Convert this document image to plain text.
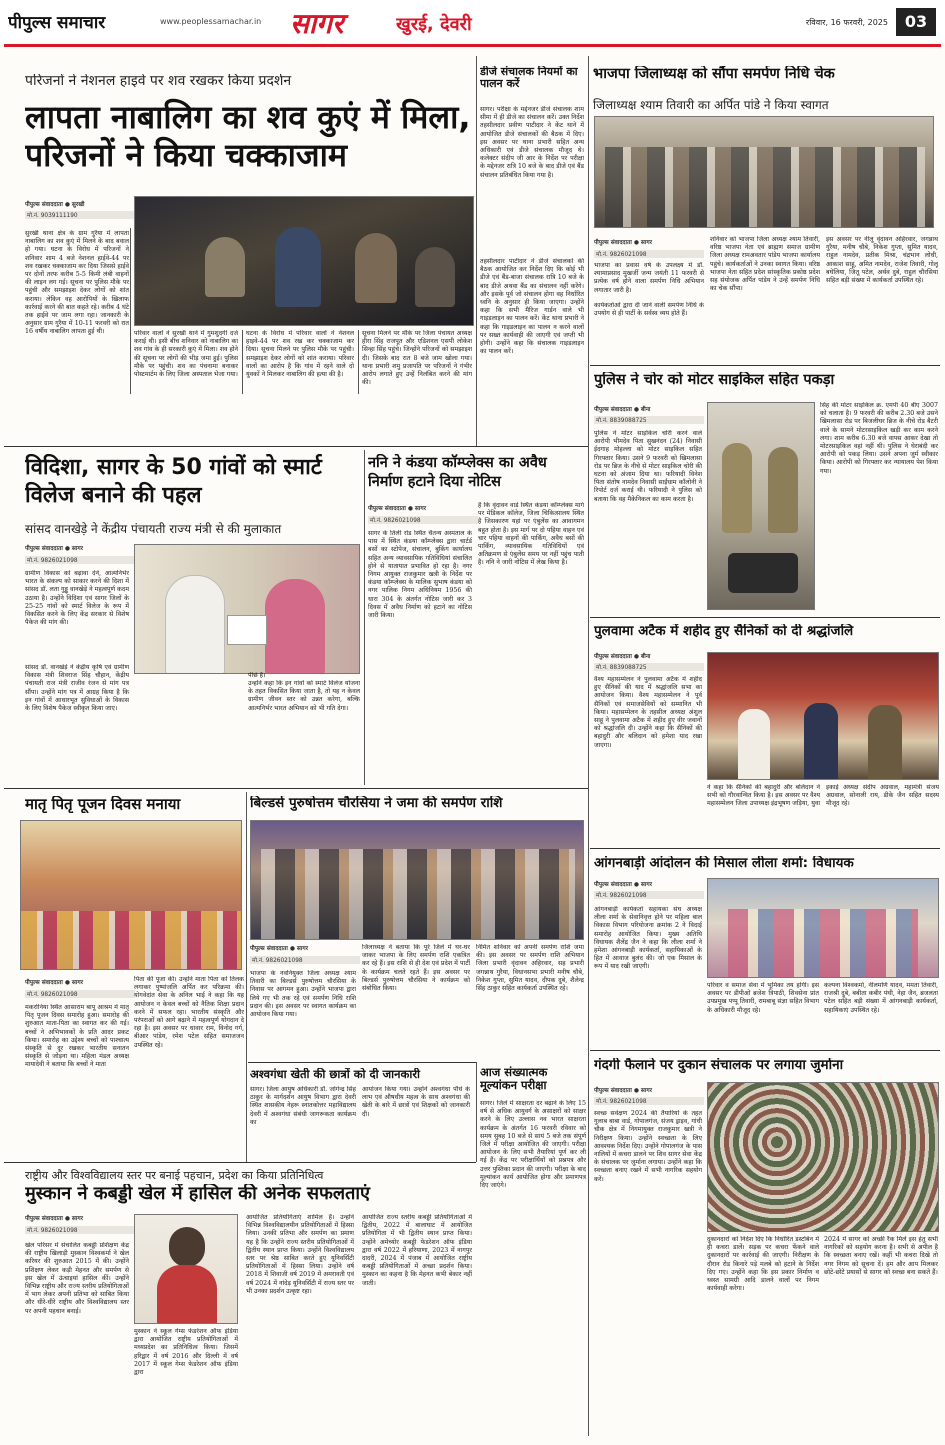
पीपुल्स समाचार	www.peoplessamachar.in	सागर	खुरई, देवरी	रविवार, 16 फरवरी, 2025	03
परिजनों ने नेशनल हाइवे पर शव रखकर किया प्रदर्शन
लापता नाबालिग का शव कुएं में मिला, परिजनों ने किया चक्काजाम
पीपुल्स संवाददाता ● सुरखी
मो.नं. 9039111190
सुरखी थाना क्षेत्र के ग्राम गुरैया में लापता नाबालिग का शव कुएं में मिलने के बाद बवाल हो गया। घटना के विरोध में परिजनों ने शनिवार शाम 4 बजे नेशनल हाईवे-44 पर शव रखकर चक्काजाम कर दिया जिससे हाईवे पर दोनों तरफ करीब 5-5 किमी लंबी वाहनों की लाइन लग गई। सूचना पर पुलिस मौके पर पहुंची और समझाइश देकर लोगों को शांत कराया। लेकिन वह आरोपियों के खिलाफ कार्रवाई करने की बात कहते रहे। करीब 4 घंटे तक हाईवे पर जाम लगा रहा। जानकारी के अनुसार ग्राम गुरैया में 10-11 फरवरी को रात 16 वर्षीय नाबालिग लापता हुई थी।	परिवार वालों ने सुरखी थाने में गुमशुदगी दर्ज कराई थी। इसी बीच शनिवार को नाबालिग का शव गांव के ही सरकारी कुएं में मिला। शव होने की सूचना पर लोगों की भीड़ जमा हुई। पुलिस मौके पर पहुंची। शव का पंचनामा बनाकर पोस्टमार्टम के लिए जिला अस्पताल भेजा गया।
घटना के विरोध में परिवार वालों ने नेशनल हाइवे-44 पर शव रख कर चक्काजाम कर दिया। सूचना मिलने पर पुलिस मौके पर पहुंची। समझाइश देकर लोगों को शांत कराया। परिवार वालों का आरोप है कि गांव में रहने वाले दो युवकों ने मिलकर नाबालिग की हत्या की है।
सूचना मिलने पर मौके पर जिला पंचायत अध्यक्ष हीरा सिंह राजपूत और एडिशनल एसपी लोकेश सिन्हा सिंह पहुंचे। जिन्होंने परिजनों को समझाइश दी। जिसके बाद रात 8 बजे जाम खोला गया। थाना प्रभारी शमु प्रजापति पर परिजनों ने गंभीर आरोप लगाते हुए उन्हें निलंबित करने की मांग की।
डीजे संचालक नियमों का पालन करें
सागर। परीक्षा के मद्देनजर डीजे संचालक शाम सीमा में ही डीजे का संचालन करें। उक्त निर्देश तहसीलदार प्रवीण पाटीदार ने केंट थाने में आयोजित डीजे संचालकों की बैठक में दिए। इस अवसर पर थाना प्रभारी सहित अन्य अधिकारी एवं डीजे संचालक मौजूद थे। कलेक्टर संदीप जी आर के निर्देश पर परीक्षा के मद्देनजर रात्रि 10 बजे के बाद डीजे एवं बैंड संचालन प्रतिबंधित किया गया है।
तहसीलदार पाटीदार ने डीजे संचालकों की बैठक आयोजित कर निर्देश दिए कि कोई भी डीजे एवं बैंड-बाजा संचालक रात्रि 10 बजे के बाद डीजे अथवा बैंड का संचालन नहीं करेंगे। और इसके पूर्व जो संचालन होगा वह निर्धारित ध्वनि के अनुसार ही किया जाएगा। उन्होंने कहा कि सभी मैरिज गार्डन वाले भी गाइडलाइन का पालन करें। केंट थाना प्रभारी ने कहा कि गाइडलाइन का पालन न करने वालों पर सख्त कार्यवाही की जाएगी एवं जप्ती भी होगी। उन्होंने कहा कि संचालक गाइडलाइन का पालन करें।
भाजपा जिलाध्यक्ष को सौंपा समर्पण निधि चेक
जिलाध्यक्ष श्याम तिवारी का अर्पित पांडे ने किया स्वागत
पीपुल्स संवाददाता ● सागर
मो.नं. 9826021098
भाजपा का प्रवास वर्ष के उपलक्ष्य में डॉ. श्यामाप्रसाद मुखर्जी जन्म जयंती 11 फरवरी से प्रत्येक वर्ष होने वाला समर्पण निधि अभियान लगातार जारी है।
कार्यकर्ताओं द्वारा दी जाने वाली समर्पण निधि के उपयोग से ही पार्टी के सर्वस्व व्यय होते हैं।
शनिवार को भाजपा जिला अध्यक्ष श्याम तिवारी, वरिष्ठ भाजपा नेता एवं ब्राह्मण समाज ग्रामीण जिला अध्यक्ष रामअवतार पांडेय भाजपा कार्यालय पहुंचे। कार्यकर्ताओं ने उनका स्वागत किया। वरिष्ठ भाजपा नेता सहित प्रदेश सांस्कृतिक प्रकोष्ठ प्रदेश सह संयोजक अर्पित पांडेय ने उन्हें समर्पण निधि का चेक सौंपा।
इस अवसर पर नीलू वृंदावन अहिरवार, जगन्नाथ गुरैया, मनीष चौबे, निकेश गुप्ता, सुमित यादव, राहुल नामदेव, प्रतीक मिश्रा, चंद्रभान लोधी, आकाश साहू, अमित नामदेव, राजेश तिवारी, गोलू बघेलिया, जितू पटेल, अर्थव दुबे, राहुल चौरसिया सहित बड़ी संख्या में कार्यकर्ता उपस्थित रहे।
पुलिस ने चोर को मोटर साइकिल सहित पकड़ा
पीपुल्स संवाददाता ● बीना
मो.नं. 8839088725
पुलिस ने मोटर साइकिल चोरी करने वाले आरोपी भीमदेव पिता सुखनंदन (24) निवासी ईदगाह मोहल्ला को मोटर साइकिल सहित गिरफ्तार किया। उसने 9 फरवरी को खिमलासा रोड पर ब्रिज के नीचे से मोटर साइकिल चोरी की घटना को अंजाम दिया था। फरियादी विनेश पिता संतोष नामदेव निवासी साईंधाम कॉलोनी ने रिपोर्ट दर्ज कराई थी। फरियादी ने पुलिस को बताया कि वह मैकेनिकल का काम करता है।
सिंह की मोटर साइकिल क्र. एमपी 40 बीए 3007 को चलाता है। 9 फरवरी की करीब 2.30 बजे उसने खिमलासा रोड पर बिजलीघर ब्रिज के नीचे रोड बैटरी वाले के सामने मोटरसाइकिल खड़ी कर काम करने लगा। शाम करीब 6.30 बजे वापस आकर देखा तो मोटरसाइकिल वहां नहीं थी। पुलिस ने घेराबंदी कर आरोपी को पकड़ लिया। उसने अपना जुर्म स्वीकार किया। आरोपी को गिरफ्तार कर न्यायालय पेश किया गया।
पुलवामा अटैक में शहीद हुए सैनिकों को दी श्रद्धांजलि
पीपुल्स संवाददाता ● बीना
मो.नं. 8839088725
वैश्य महासम्मेलन ने पुलवामा अटैक में शहीद हुए सैनिकों की याद में श्रद्धांजलि सभा का आयोजन किया। वैश्य महासम्मेलन ने पूर्व सैनिकों एवं समाजसेवियों को सम्मानित भी किया। महासम्मेलन के तहसील अध्यक्ष अंशुल साहू ने पुलवामा अटैक में शहीद हुए वीर जवानों को श्रद्धांजलि दी। उन्होंने कहा कि सैनिकों की बहादुरी और बलिदान को हमेशा याद रखा जाएगा।
ने कहा कि सैनिकों की बहादुरी और बलिदान ने सभी को गौरवान्वित किया है। इस अवसर पर वैश्य महासम्मेलन जिला उपाध्यक्ष इंद्रभूषण जड़िया, युवा इकाई अध्यक्ष संदीप अग्रवाल, महामंत्री संजय अग्रवाल, सोनाली राय, डीके जैन सहित सदस्य मौजूद रहे।
आंगनबाड़ी आंदोलन की मिसाल लीला शर्मा: विधायक
पीपुल्स संवाददाता ● सागर
मो.नं. 9826021098
आंगनबाड़ी कार्यकर्ता सहायका संघ अध्यक्ष लीला शर्मा के सेवानिवृत्त होने पर महिला बाल विकास विभाग परियोजना क्रमांक 2 ने विदाई समारोह आयोजित किया। मुख्य अतिथि विधायक शैलेंद्र जैन ने कहा कि लीला शर्मा ने हमेशा आंगनबाड़ी कार्यकर्ता, सहायिकाओं के हित में आवाज बुलंद की। जो एक मिसाल के रूप में याद रखी जाएगी।
परिवार व समाज सेवा में भूमिका तय होगी। इस अवसर पर डीपीओ ब्रजेश त्रिपाठी, शिवसेना प्रांत उपप्रमुख पप्पू तिवारी, रामबाबू संज्ञा सहित विभाग के अधिकारी मौजूद रहे।
कल्पना विश्वकर्मा, नीलमणि यादव, ममता तिवारी, राजश्री दुबे, बबीता कबीर पंथी, नेहा जैन, ब्रजलता पटेल सहित बड़ी संख्या में आंगनबाड़ी कार्यकर्ता, सहायिकाएं उपस्थित रहे।
गंदगी फैलाने पर दुकान संचालक पर लगाया जुर्माना
पीपुल्स संवाददाता ● सागर
मो.नं. 9826021098
स्वच्छ सर्वेक्षण 2024 की तैयारियों के तहत गुलाब बाबा वार्ड, गोपालगंज, संजय ड्राइव, गांधी चौक क्षेत्र में निगमायुक्त राजकुमार खत्री ने निरीक्षण किया। उन्होंने स्वच्छता के लिए आवश्यक निर्देश दिए। उन्होंने गोपालगंज के पास नालियों में कचरा डालने पर शिव सागर सेवा केंद्र के संचालक पर जुर्माना लगाया। उन्होंने कहा कि स्वच्छता बनाए रखने में सभी नागरिक सहयोग करें।
दुकानदारों को निर्देश दिए कि निर्धारित डस्टबिन में ही कचरा डालें। सड़क पर कचरा फेंकने वाले दुकानदारों पर कार्रवाई की जाएगी। निरीक्षण के दौरान रोड किनारे पड़े मलबे को हटाने के निर्देश दिए गए। उन्होंने कहा कि इस प्रकार निर्माण व ध्वस्त सामग्री आदि डालने वालों पर निगम कार्यवाही करेगा।
2024 में सागर को अच्छी रैंक मिले इस हेतु सभी नागरिकों को सहयोग करना है। सभी से अपील है कि स्वच्छता बनाए रखें। कहीं भी कचरा दिखे तो नगर निगम को सूचना दें। हम और आप मिलकर छोटे-छोटे प्रयासों से सागर को स्वच्छ बना सकते हैं।
विदिशा, सागर के 50 गांवों को स्मार्ट विलेज बनाने की पहल
सांसद वानखेड़े ने केंद्रीय पंचायती राज्य मंत्री से की मुलाकात
पीपुल्स संवाददाता ● सागर
मो.नं. 9826021098
ग्रामीण विकास को बढ़ावा देने, आत्मनिर्भर भारत के संकल्प को साकार करने की दिशा में सांसद डॉ. लता गुड्डू वानखेड़े ने महत्वपूर्ण कदम उठाया है। उन्होंने विदिशा एवं सागर जिलों के 25-25 गांवों को स्मार्ट विलेज के रूप में विकसित करने के लिए केंद्र सरकार से विशेष पैकेज की मांग की।
सांसद डॉ. वानखेड़े ने केंद्रीय कृषि एवं ग्रामीण विकास मंत्री शिवराज सिंह चौहान, केंद्रीय पंचायती राज मंत्री राजीव रंजन से मांग पत्र सौंपा। उन्होंने मांग पत्र में आग्रह किया है कि इन गांवों में आधारभूत सुविधाओं के विकास के लिए विशेष पैकेज स्वीकृत किया जाए।
उन्होंने कहा कि इन गांवों को स्मार्ट विलेज योजना के तहत विकसित किया जाता है, तो यह न केवल ग्रामीण जीवन स्तर को उन्नत करेगा, बल्कि आत्मनिर्भर भारत अभियान को भी गति देगा।
पीछे है।
ननि ने कंडया कॉम्प्लेक्स का अवैध निर्माण हटाने दिया नोटिस
पीपुल्स संवाददाता ● सागर
मो.नं. 9826021098
सागर के तिली रोड स्थित चैतन्य अस्पताल के पास में स्थित कंडया कॉम्प्लेक्स द्वारा चार्टर्ड बसों का स्टोपेज, संचालन, बुकिंग कार्यालय सहित अन्य व्यावसायिक गतिविधियां संचालित होने से यातायात प्रभावित हो रहा है। नगर निगम आयुक्त राजकुमार खत्री के निर्देश पर कंडया कॉम्प्लेक्स के मालिक सुभाष कंडया को नगर पालिक निगम अधिनियम 1956 की धारा 304 के अंतर्गत नोटिस जारी कर 3 दिवस में अवैध निर्माण को हटाने का नोटिस जारी किया।
है कि वृंदावन वार्ड स्थित कंडया कॉम्प्लेक्स मार्ग पर मेडिकल कॉलेज, जिला चिकित्सालय स्थित है जिसकारण यहां पर एंबुलेंस का आवागमन बहुत होता है। इस मार्ग पर दो पहिया वाहन एवं चार पहिया वाहनों की पार्किंग, अवैध बसों की पार्किंग, व्यावसायिक गतिविधियों एवं अतिक्रमण से एंबुलेंस समय पर नहीं पहुंच पाती है। ननि ने जारी नोटिस में लेख किया है।
मातृ पितृ पूजन दिवस मनाया
पीपुल्स संवाददाता ● सागर
मो.नं. 9826021098
मकरोनिया स्थित आसाराम बापू आश्रम में मातृ पितृ पूजन दिवस समारोह हुआ। समारोह की शुरुआत माता-पिता का स्वागत कर की गई। बच्चों ने अभिभावकों के प्रति आदर प्रकट किया। समारोह का उद्देश्य बच्चों को पाश्चात्य संस्कृति से दूर रखकर भारतीय सनातन संस्कृति से जोड़ना था। महिला मंडल अध्यक्ष मायादेवी ने बताया कि बच्चों ने माता
पिता की पूजा की। उन्होंने माता पिता को तिलक लगाकर पुष्पांजलि अर्पित कर परिक्रमा की। योगवेदांत सेवा के अनिल भाई ने कहा कि यह आयोजन न केवल बच्चों को नैतिक शिक्षा प्रदान करने में सफल रहा। भारतीय संस्कृति और परंपराओं को आगे बढ़ाने में महत्वपूर्ण योगदान दे रहा है। इस अवसर पर धावार राम, विनोद गर्ग, बीआर पांडेय, रमेश पटेल सहित समाजजन उपस्थित रहे।
बिल्डर्स पुरुषोत्तम चौरसिया ने जमा की समर्पण राशि
पीपुल्स संवाददाता ● सागर
मो.नं. 9826021098
भाजपा के नवनियुक्त जिला अध्यक्ष श्याम तिवारी का बिल्डर्स पुरुषोत्तम चौरसिया के निवास पर आगमन हुआ। उन्होंने भाजपा द्वारा लिये गए भी तक रहे एवं समर्पण निधि राशि प्रदान की। इस अवसर पर स्वागत कार्यक्रम का आयोजन किया गया।
जिलाध्यक्ष ने बताया कि पूरे जिले में घर-घर जाकर भाजपा के लिए समर्पण राशि एकत्रित कर रहे हैं। इस राशि से ही देश एवं प्रदेश में पार्टी के कार्यक्रम चलते रहते हैं। इस अवसर पर बिल्डर्स पुरुषोत्तम चौरसिया ने कार्यक्रम को संबोधित किया।
निमित शनिवार को अपनी समर्पण राशि जमा की। इस अवसर पर समर्पण राशि अभियान जिला प्रभारी वृंदावन अहिरवार, सह प्रभारी जगन्नाथ गुरैया, विधानसभा प्रभारी मनीष चौबे, निकेश गुप्ता, सुमित यादव, दीपक दुबे, शैलेन्द्र सिंह ठाकुर सहित कार्यकर्ता उपस्थित रहे।
अश्वगंधा खेती की छात्रों को दी जानकारी
सागर। जिला आयुष अधिकारी डॉ. जोगेन्द्र सिंह ठाकुर के मार्गदर्शन आयुष विभाग द्वारा देवरी स्थित शासकीय नेहरू स्नातकोत्तर महाविद्यालय देवरी में अश्वगंधा संबंधी जागरूकता कार्यक्रम का
आयोजन किया गया। उन्होंने अश्वगंधा पौधे के लाभ एवं औषधीय महत्व के साथ अश्वगंधा की खेती के बारे में छात्रों एवं शिक्षकों को जानकारी दी।
आज संख्यात्मक मूल्यांकन परीक्षा
सागर। जिले में साक्षरता दर बढ़ाने के लिए 15 वर्ष से अधिक आयुवर्ग के असाक्षरों को साक्षर करने के लिए उल्लास नव भारत साक्षरता कार्यक्रम के अंतर्गत 16 फरवरी रविवार को समय सुबह 10 बजे से सायं 5 बजे तक संपूर्ण जिले में परीक्षा आयोजित की जाएगी। परीक्षा आयोजन के लिए सभी तैयारियां पूर्ण कर ली गई हैं। केंद्र पर परीक्षार्थियों को प्रश्नपत्र और उत्तर पुस्तिका प्रदान की जाएगी। परीक्षा के बाद मूल्यांकन कार्य आयोजित होगा और प्रमाणपत्र दिए जाएंगे।
राष्ट्रीय और विश्वविद्यालय स्तर पर बनाई पहचान, प्रदेश का किया प्रतिनिधित्व
मुस्कान ने कबड्डी खेल में हासिल की अनेक सफलताएं
पीपुल्स संवाददाता ● सागर
मो.नं. 9826021098
खेल परिसर में संचालित कबड्डी प्रशिक्षण केंद्र की राष्ट्रीय खिलाड़ी मुस्कान विश्वकर्मा ने खेल करियर की शुरुआत 2015 में की। उन्होंने प्रशिक्षण लेकर कड़ी मेहनत और समर्पण से इस खेल में ऊंचाइयां हासिल कीं। उन्होंने विभिन्न राष्ट्रीय और राज्य स्तरीय प्रतियोगिताओं में भाग लेकर अपनी प्रतिभा को साबित किया और धीरे-धीरे राष्ट्रीय और विश्वविद्यालय स्तर पर अपनी पहचान बनाई।
मुस्कान ने स्कूल गेम्स फेडरेशन ऑफ इंडिया द्वारा आयोजित राष्ट्रीय प्रतियोगिताओं में मध्यप्रदेश का प्रतिनिधित्व किया। जिसमें हरिद्वार में वर्ष 2016 और दिल्ली में वर्ष 2017 में स्कूल गेम्स फेडरेशन ऑफ इंडिया द्वारा
आयोजित प्रतियोगिताएं शामिल हैं। उन्होंने विभिन्न विश्वविद्यालयीन प्रतियोगिताओं में हिस्सा लिया। उनकी प्रतिभा और समर्पण का प्रमाण यह है कि उन्होंने राज्य स्तरीय प्रतियोगिताओं में द्वितीय स्थान प्राप्त किया। उन्होंने विश्वविद्यालय स्तर पर श्रेष्ठ साबित करते हुए यूनिवर्सिटी प्रतियोगिताओं में हिस्सा लिया। उन्होंने वर्ष 2018 में शिवाजी वर्ष 2019 में अमरावती एवं वर्ष 2024 में नांदेड़ यूनिवर्सिटी में राज्य स्तर पर भी उनका प्रदर्शन उत्कृष्ट रहा।
आयोजित राज्य स्तरीय कबड्डी प्रतियोगिताओं में द्वितीय, 2022 में बालाघाट में आयोजित प्रतियोगिता में भी द्वितीय स्थान प्राप्त किया। उन्होंने अमेच्योर कबड्डी फेडरेशन ऑफ इंडिया द्वारा वर्ष 2022 में हरियाणा, 2023 में नागपुर दादरी, 2024 में पंजाब में आयोजित राष्ट्रीय कबड्डी प्रतियोगिताओं में अच्छा प्रदर्शन किया। मुस्कान का कहना है कि मेहनत कभी बेकार नहीं जाती।
